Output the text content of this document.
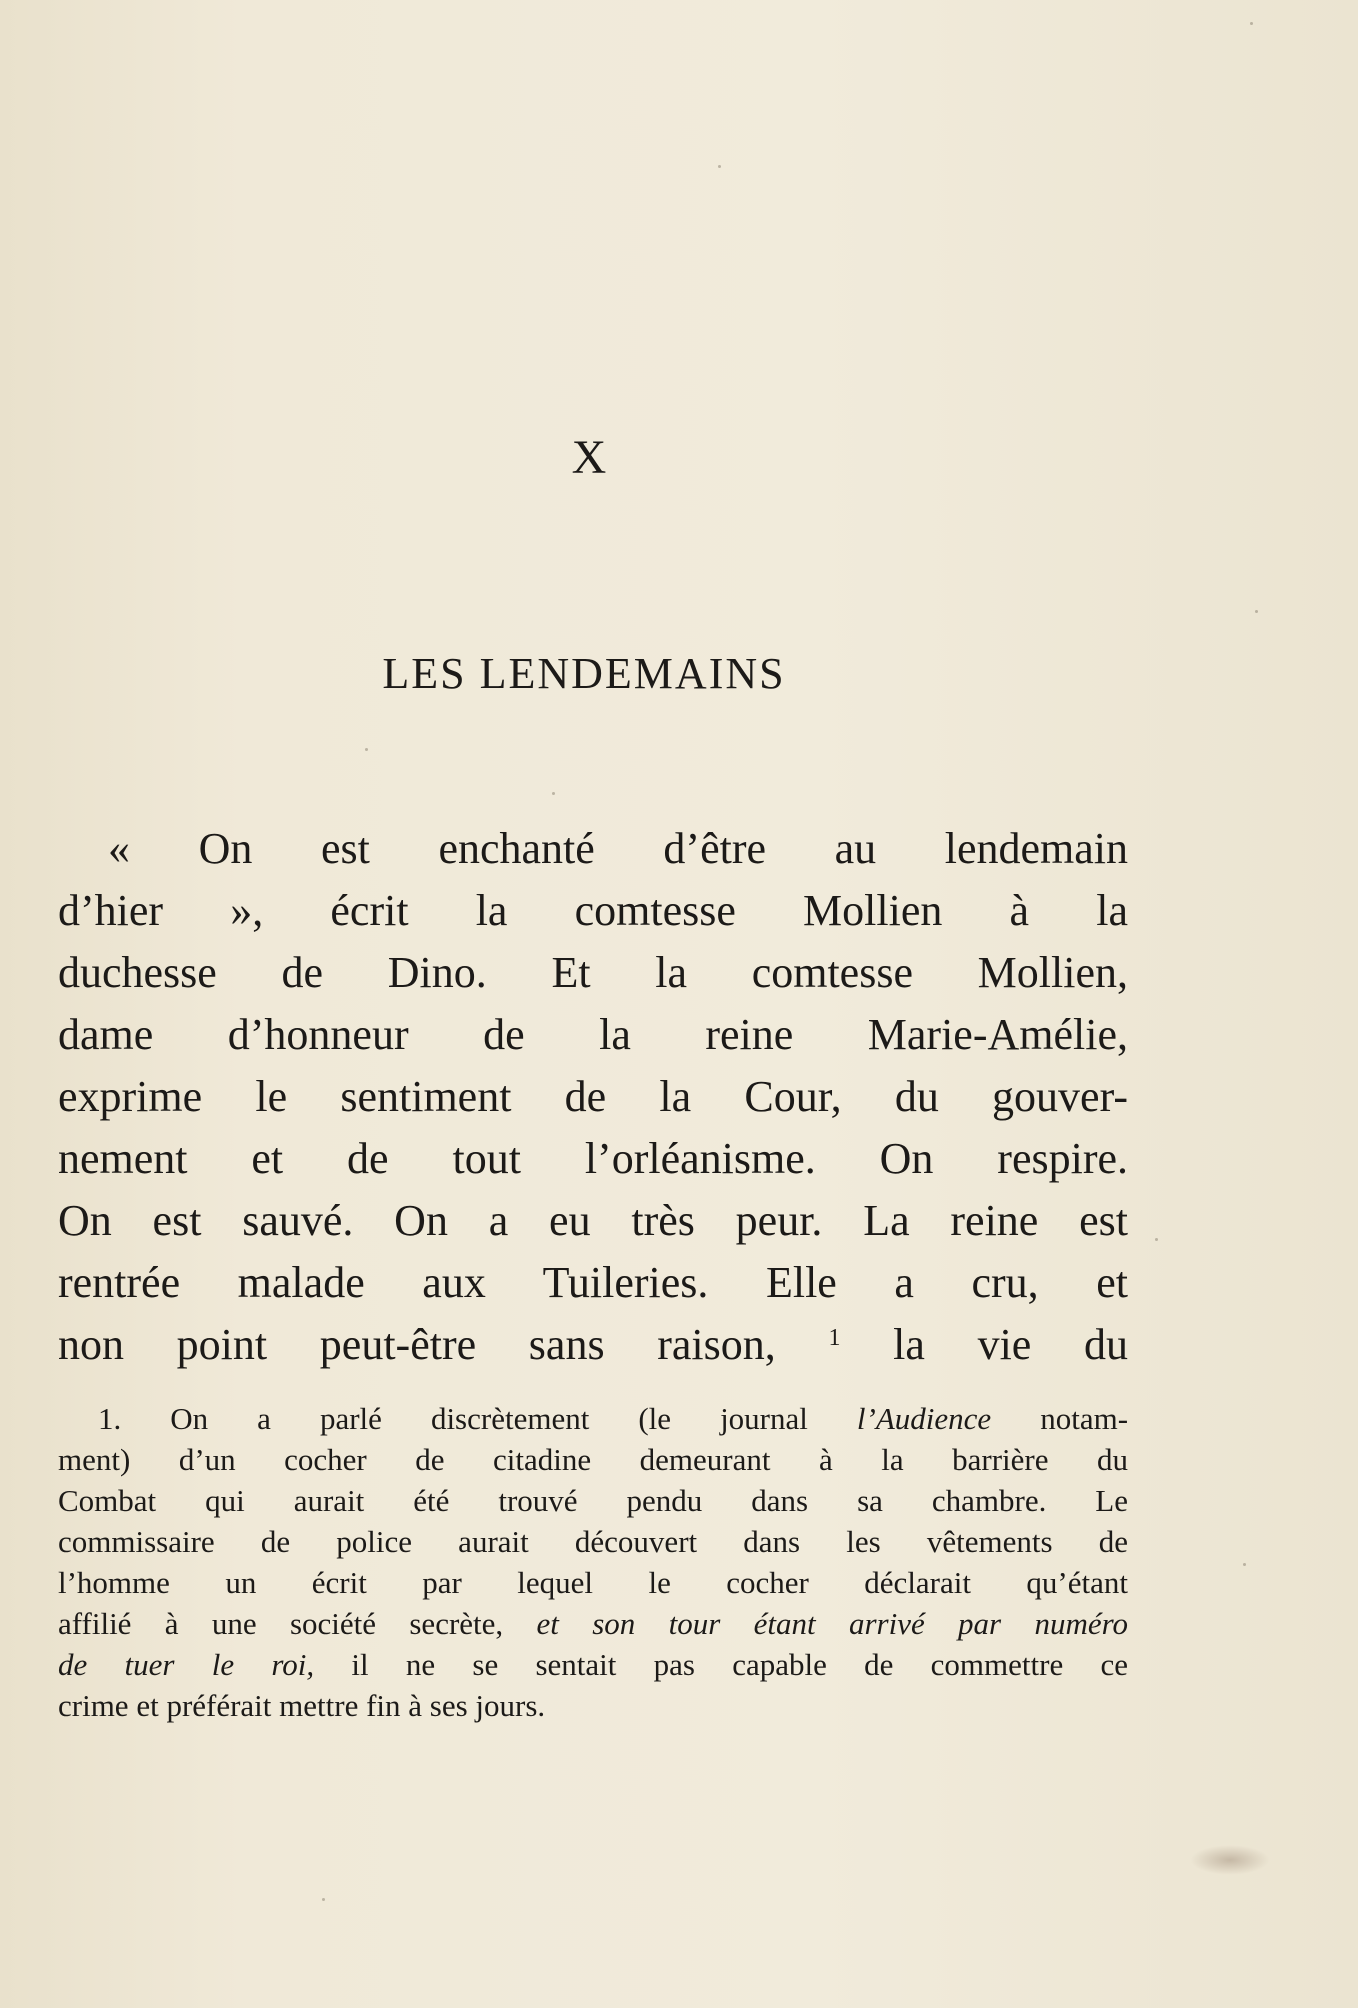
X
LES LENDEMAINS
« On est enchanté d’être au lendemain
d’hier », écrit la comtesse Mollien à la
duchesse de Dino. Et la comtesse Mollien,
dame d’honneur de la reine Marie-Amélie,
exprime le sentiment de la Cour, du gouver-
nement et de tout l’orléanisme. On respire.
On est sauvé. On a eu très peur. La reine est
rentrée malade aux Tuileries. Elle a cru, et
non point peut-être sans raison, $^1$ la vie du
1. On a parlé discrètement (le journal l’Audience notam-
ment) d’un cocher de citadine demeurant à la barrière du
Combat qui aurait été trouvé pendu dans sa chambre. Le
commissaire de police aurait découvert dans les vêtements de
l’homme un écrit par lequel le cocher déclarait qu’étant
affilié à une société secrète, et son tour étant arrivé par numéro
de tuer le roi, il ne se sentait pas capable de commettre ce
crime et préférait mettre fin à ses jours.
